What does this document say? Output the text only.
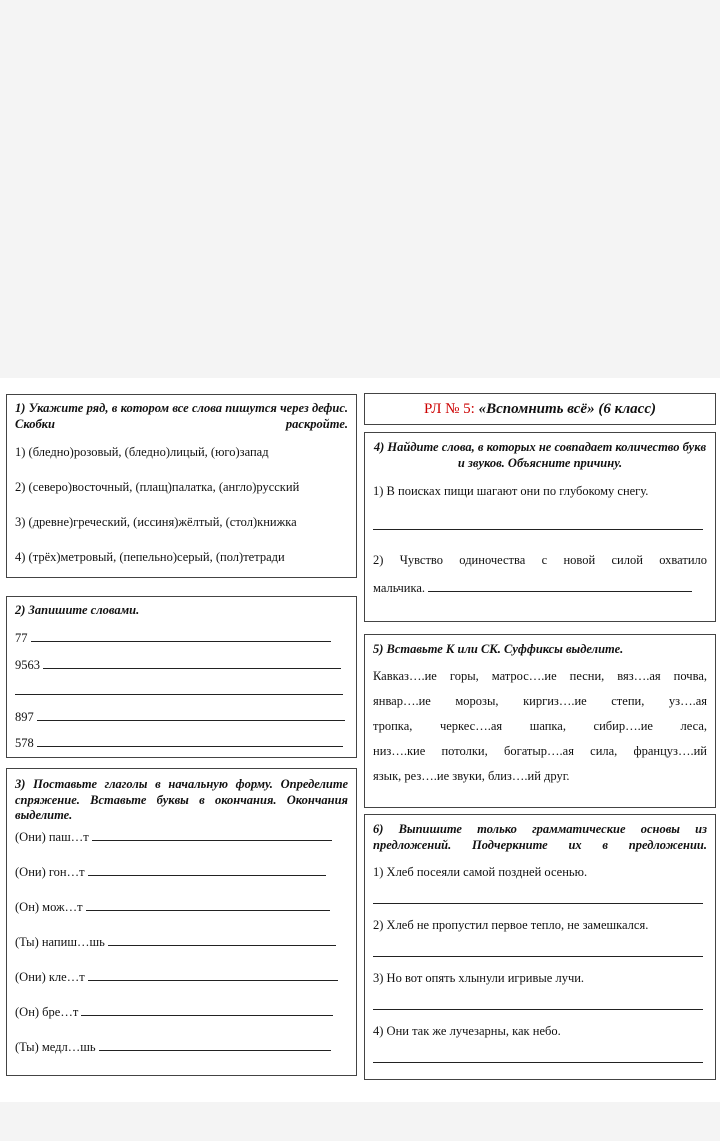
1) Укажите ряд, в котором все слова пишутся через дефис. Скобки раскройте.
1) (бледно)розовый, (бледно)лицый, (юго)запад
2) (северо)восточный, (плащ)палатка, (англо)русский
3) (древне)греческий, (иссиня)жёлтый, (стол)книжка
4) (трёх)метровый, (пепельно)серый, (пол)тетради
2) Запишите словами.
77
9563
897
578
3) Поставьте глаголы в начальную форму. Определите спряжение. Вставьте буквы в окончания. Окончания выделите.
(Они) паш…т
(Они) гон…т
(Он) мож…т
(Ты) напиш…шь
(Они) кле…т
(Он) бре…т
(Ты) медл…шь
РЛ № 5: «Вспомнить всё» (6 класс)
4) Найдите слова, в которых не совпадает количество букв и звуков. Объясните причину.
1) В поисках пищи шагают они по глубокому снегу.
2) Чувство одиночества с новой силой охватило
мальчика.
5) Вставьте К или СК. Суффиксы выделите.
Кавказ….ие горы, матрос….ие песни, вяз….ая почва,
январ….ие морозы, киргиз….ие степи, уз….ая
тропка, черкес….ая шапка, сибир….ие леса,
низ….кие потолки, богатыр….ая сила, француз….ий
язык, рез….ие звуки, близ….ий друг.
6) Выпишите только грамматические основы из предложений. Подчеркните их в предложении.
1) Хлеб посеяли самой поздней осенью.
2) Хлеб не пропустил первое тепло, не замешкался.
3) Но вот опять хлынули игривые лучи.
4) Они так же лучезарны, как небо.
